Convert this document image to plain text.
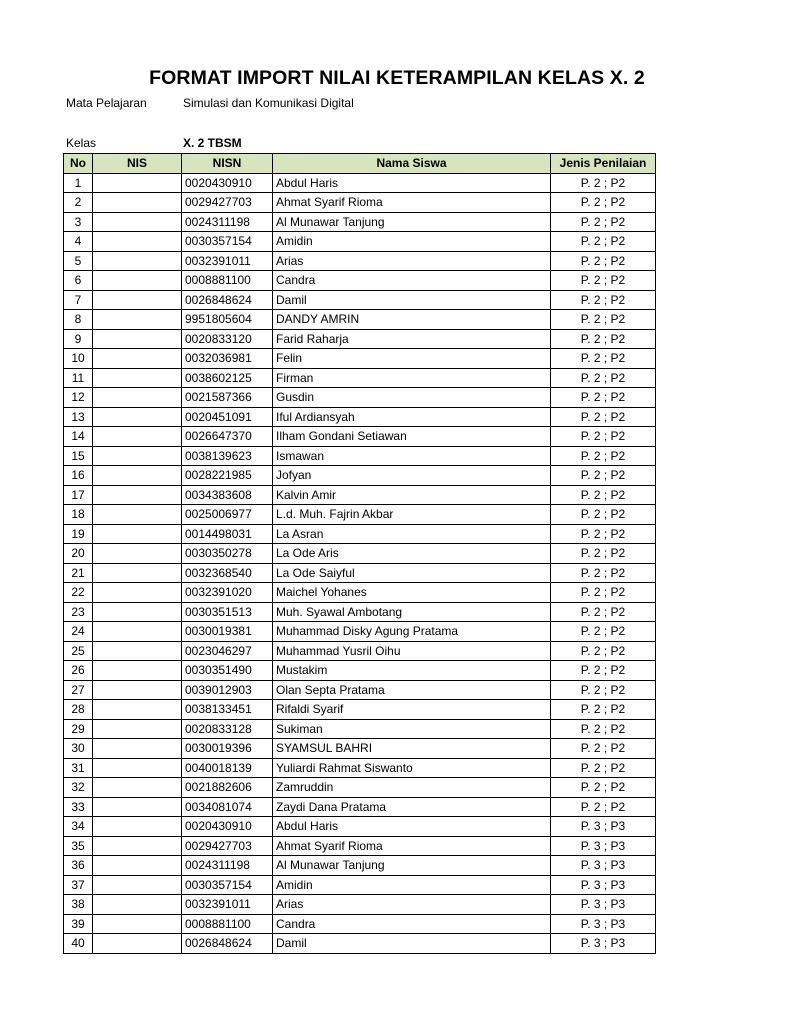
FORMAT IMPORT NILAI KETERAMPILAN KELAS X. 2
Mata Pelajaran	Simulasi dan Komunikasi Digital
Kelas	X. 2 TBSM
No	NIS	NISN	Nama Siswa	Jenis Penilaian
1		0020430910	Abdul Haris	P. 2 ; P2
2		0029427703	Ahmat Syarif Rioma	P. 2 ; P2
3		0024311198	Al Munawar Tanjung	P. 2 ; P2
4		0030357154	Amidin	P. 2 ; P2
5		0032391011	Arias	P. 2 ; P2
6		0008881100	Candra	P. 2 ; P2
7		0026848624	Damil	P. 2 ; P2
8		9951805604	DANDY AMRIN	P. 2 ; P2
9		0020833120	Farid Raharja	P. 2 ; P2
10		0032036981	Felin	P. 2 ; P2
11		0038602125	Firman	P. 2 ; P2
12		0021587366	Gusdin	P. 2 ; P2
13		0020451091	Iful Ardiansyah	P. 2 ; P2
14		0026647370	Ilham Gondani Setiawan	P. 2 ; P2
15		0038139623	Ismawan	P. 2 ; P2
16		0028221985	Jofyan	P. 2 ; P2
17		0034383608	Kalvin Amir	P. 2 ; P2
18		0025006977	L.d. Muh. Fajrin Akbar	P. 2 ; P2
19		0014498031	La Asran	P. 2 ; P2
20		0030350278	La Ode Aris	P. 2 ; P2
21		0032368540	La Ode Saiyful	P. 2 ; P2
22		0032391020	Maichel Yohanes	P. 2 ; P2
23		0030351513	Muh. Syawal Ambotang	P. 2 ; P2
24		0030019381	Muhammad Disky Agung Pratama	P. 2 ; P2
25		0023046297	Muhammad Yusril Oihu	P. 2 ; P2
26		0030351490	Mustakim	P. 2 ; P2
27		0039012903	Olan Septa Pratama	P. 2 ; P2
28		0038133451	Rifaldi Syarif	P. 2 ; P2
29		0020833128	Sukiman	P. 2 ; P2
30		0030019396	SYAMSUL BAHRI	P. 2 ; P2
31		0040018139	Yuliardi Rahmat Siswanto	P. 2 ; P2
32		0021882606	Zamruddin	P. 2 ; P2
33		0034081074	Zaydi Dana Pratama	P. 2 ; P2
34		0020430910	Abdul Haris	P. 3 ; P3
35		0029427703	Ahmat Syarif Rioma	P. 3 ; P3
36		0024311198	Al Munawar Tanjung	P. 3 ; P3
37		0030357154	Amidin	P. 3 ; P3
38		0032391011	Arias	P. 3 ; P3
39		0008881100	Candra	P. 3 ; P3
40		0026848624	Damil	P. 3 ; P3
